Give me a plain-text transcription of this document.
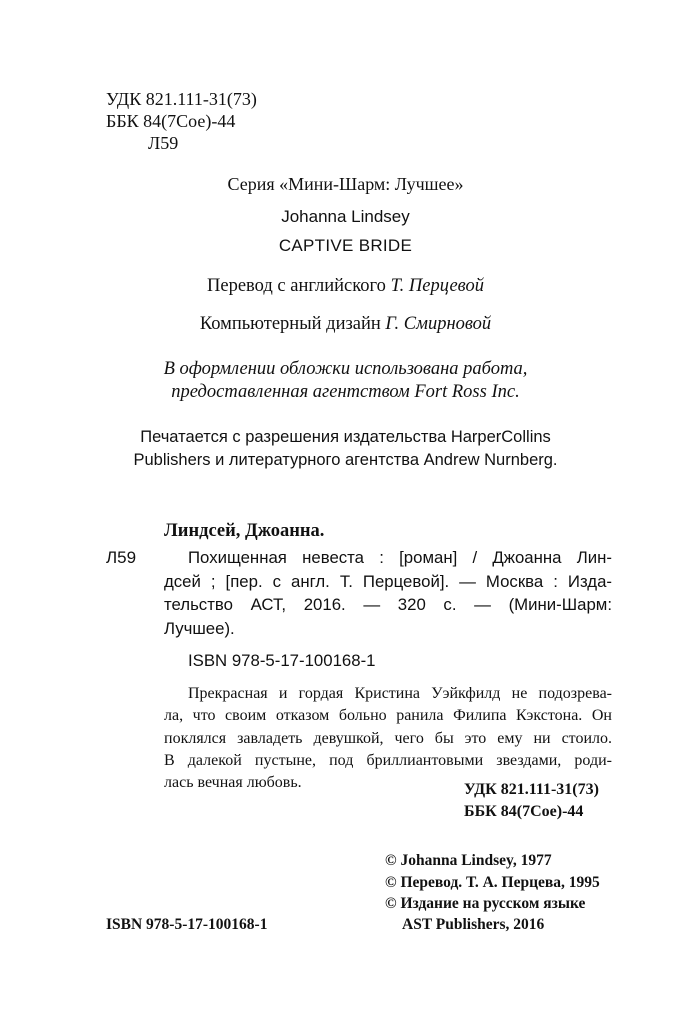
УДК 821.111-31(73)
ББК 84(7Сое)-44
Л59
Серия «Мини-Шарм: Лучшее»
Johanna Lindsey
CAPTIVE BRIDE
Перевод с английского Т. Перцевой
Компьютерный дизайн Г. Смирновой
В оформлении обложки использована работа,
предоставленная агентством Fort Ross Inc.
Печатается с разрешения издательства HarperCollins
Publishers и литературного агентства Andrew Nurnberg.
Линдсей, Джоанна.
Л59	Похищенная невеста : [роман] / Джоанна Лин-
дсей ; [пер. с англ. Т. Перцевой]. — Москва : Изда-
тельство АСТ, 2016. — 320 с. — (Мини-Шарм:
Лучшее).
ISBN 978-5-17-100168-1
Прекрасная и гордая Кристина Уэйкфилд не подозрева-
ла, что своим отказом больно ранила Филипа Кэкстона. Он
поклялся завладеть девушкой, чего бы это ему ни стоило.
В далекой пустыне, под бриллиантовыми звездами, роди-
лась вечная любовь.	УДК 821.111-31(73)
ББК 84(7Сое)-44
© Johanna Lindsey, 1977
© Перевод. Т. А. Перцева, 1995
© Издание на русском языке
AST Publishers, 2016
ISBN 978-5-17-100168-1
